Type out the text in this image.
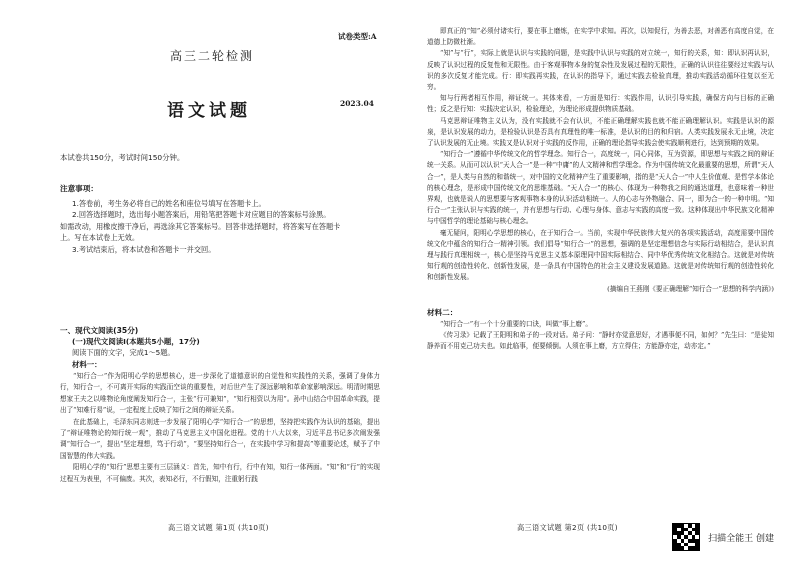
试卷类型:A
高三二轮检测
语文试题	2023.04
本试卷共150分，考试时间150分钟。
注意事项：
1.答卷前，考生务必将自己的姓名和座位号填写在答题卡上。
2.回答选择题时，选出每小题答案后，用铅笔把答题卡对应题目的答案标号涂黑。
如需改动，用橡皮擦干净后，再选涂其它答案标号。回答非选择题时，将答案写在答题卡
上。写在本试卷上无效。
3.考试结束后，将本试卷和答题卡一并交回。
一、现代文阅读(35分)
(一)现代文阅读Ⅰ(本题共5小题，17分)
阅读下面的文字，完成1～5题。
材料一：

“知行合一”作为阳明心学的思想核心，进一步深化了道德意识的自觉性和实践性的关系，强调了身体力行，知行合一，不可离开实际的实践而空谈的重要性，对后世产生了深远影响和革命家影响深远。明清时期思想家王夫之以唯物论角度阐发知行合一，主张“行可兼知”，“知行相资以为用”。孙中山结合中国革命实践，提出了“知难行易”说，一定程度上反映了知行之间的辩证关系。

在此基础上，毛泽东同志则进一步发展了阳明心学“知行合一”的思想，坚持把实践作为认识的基础，提出了“辩证唯物论的知行统一观”，推动了马克思主义中国化进程。党的十八大以来，习近平总书记多次阐发强调“知行合一”，提出“坚定理想，笃于行动”，“要坚持知行合一，在实践中学习和提高”等重要论述，赋予了中国智慧的伟大实践。

阳明心学的“知行”思想主要有三层涵义：首先，知中有行，行中有知，知行一体两面。“知”和“行”的实现过程互为表里，不可偏废。其次，表知必行，不行假知，注重躬行践

高三语文试题 第1页 (共10页)

即真正的“知”必须付诸实行，要在事上磨炼，在实学中求知。再次，以知促行，为善去恶，对善恶有高度自觉，在道德上防微杜渐。

“知”与“行”，实际上就是认识与实践的问题，是实践中认识与实践的对立统一，知行的关系，知：即认识再认识，反映了认识过程的反复性和无限性。由于客观事物本身的复杂性及发展过程的无限性，正确的认识往往要经过实践与认识的多次反复才能完成。行：即实践再实践，在认识的指导下，通过实践去检验真理，推动实践活动循环往复以至无穷。

知与行两者相互作用，辩证统一。其体来看，一方面是知行：实践作用，认识引导实践，确保方向与目标的正确性；反之是行知：实践决定认识，检验理论，为理论形成提供物质基础。

马克思辩证唯物主义认为，没有实践就不会有认识，不能正确理解实践也就不能正确理解认识。实践是认识的源泉，是认识发展的动力，是检验认识是否具有真理性的唯一标准，是认识的目的和归宿。人类实践发展永无止境，决定了认识发展的无止境。实践又是认识对于实践的反作用，正确的理论指导实践会使实践顺利进行，达到预期的效果。

“知行合一”遵循中华传统文化的哲学理念。知行合一，高度统一，同心同体，互为资源，即思想与实践之间的辩证统一关系。从而可以认识“天人合一”是一种“中庸”的人文精神和哲学理念。作为中国传统文化最重要的思想，所谓“天人合一”，是人类与自然的和谐统一，对中国的文化精神产生了重要影响，指的是“天人合一”中人生价值观、是哲学本体论的核心理念，是形成中国传统文化的思维基础。“天人合一”的核心、体现为一种物我之间的通达道理，也意味着一种世界观，也就是说人的思想要与客观事物本身的认识活动相统一。人的心志与外物融合、同一，即为合一的一种申明。“知行合一”主张认识与实践的统一，并有思想与行动、心理与身体、意志与实践的高度一致。这种体现出中华民族文化精神与中国哲学的理论基础与核心理念。

毫无疑问，阳明心学思想的核心，在于知行合一。当前，实现中华民族伟大复兴的各项实践活动，高度需要中国传统文化中蕴含的知行合一精神引领。我们倡导“知行合一”的思想，强调的是坚定理想信念与实际行动相结合，是认识真理与践行真理相统一，核心是坚持马克思主义基本原理同中国实际相结合、同中华优秀传统文化相结合。这就是对传统知行观的创造性转化、创新性发展，是一条具有中国特色的社会主义建设发展道路。这就是对传统知行观的创造性转化和创新性发展。

(摘编自王燕刚《要正确理解“知行合一”思想的科学内涵》)

材料二：

“知行合一”有一个十分重要的口诀，叫做“事上磨”。

《传习录》记载了王阳明和弟子的一段对话。弟子问：“静时亦觉意思好，才遇事便不同，如何？”先生曰：“是徒知静养而不用克己功夫也。如此临事，便要倾倒。人须在事上磨，方立得住；方能静亦定，动亦定。”

高三语文试题 第2页 (共10页)
扫描全能王 创建
